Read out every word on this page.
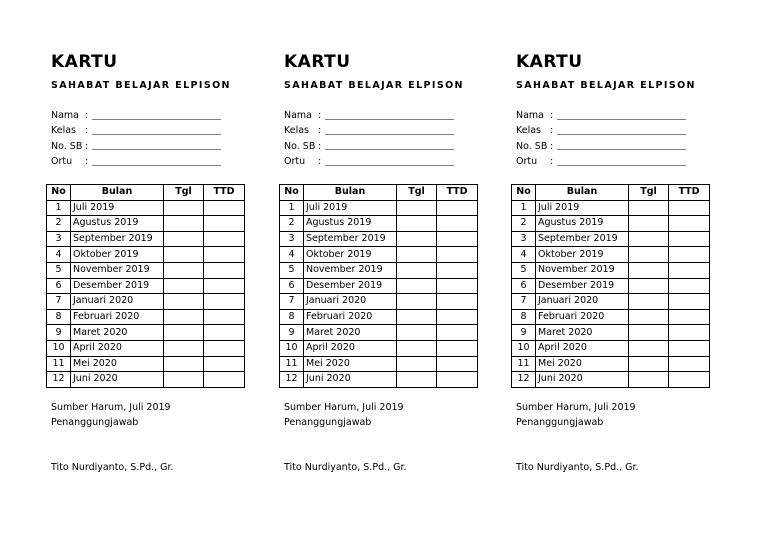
KARTU
SAHABAT BELAJAR ELPISON
Nama :
Kelas :
No. SB :
Ortu	:
No	Bulan	Tgl	TTD
1	Juli 2019		
2	Agustus 2019		
3	September 2019		
4	Oktober 2019		
5	November 2019		
6	Desember 2019		
7	Januari 2020		
8	Februari 2020		
9	Maret 2020		
10	April 2020		
11	Mei 2020		
12	Juni 2020		
Sumber Harum, Juli 2019
Penanggungjawab
Tito Nurdiyanto, S.Pd., Gr.
KARTU
SAHABAT BELAJAR ELPISON
Nama :
Kelas :
No. SB :
Ortu	:
No	Bulan	Tgl	TTD
1	Juli 2019		
2	Agustus 2019		
3	September 2019		
4	Oktober 2019		
5	November 2019		
6	Desember 2019		
7	Januari 2020		
8	Februari 2020		
9	Maret 2020		
10	April 2020		
11	Mei 2020		
12	Juni 2020		
Sumber Harum, Juli 2019
Penanggungjawab
Tito Nurdiyanto, S.Pd., Gr.
KARTU
SAHABAT BELAJAR ELPISON
Nama :
Kelas :
No. SB :
Ortu	:
No	Bulan	Tgl	TTD
1	Juli 2019		
2	Agustus 2019		
3	September 2019		
4	Oktober 2019		
5	November 2019		
6	Desember 2019		
7	Januari 2020		
8	Februari 2020		
9	Maret 2020		
10	April 2020		
11	Mei 2020		
12	Juni 2020		
Sumber Harum, Juli 2019
Penanggungjawab
Tito Nurdiyanto, S.Pd., Gr.
